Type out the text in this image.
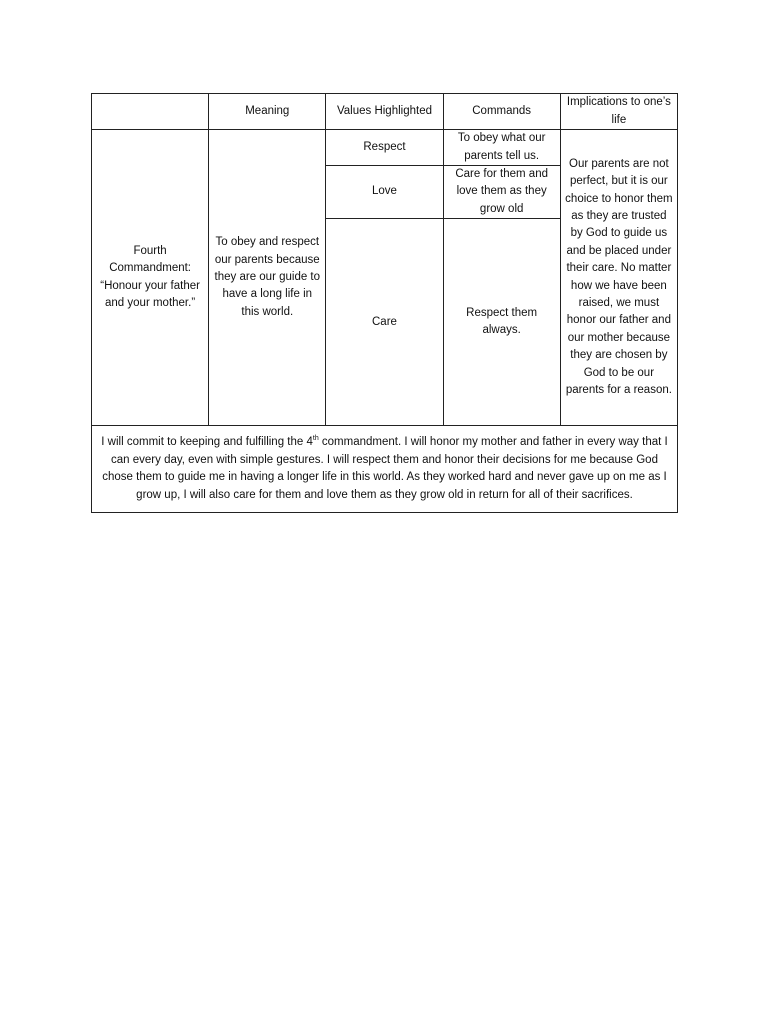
	Meaning	Values Highlighted	Commands	Implications to one’s life
Fourth Commandment: “Honour your father and your mother.”	To obey and respect our parents because they are our guide to have a long life in this world.	Respect	To obey what our parents tell us.	Our parents are not perfect, but it is our choice to honor them as they are trusted by God to guide us and be placed under their care. No matter how we have been raised, we must honor our father and our mother because they are chosen by God to be our parents for a reason.
		Love	Care for them and love them as they grow old	
		Care	Respect them always.	
I will commit to keeping and fulfilling the 4th commandment. I will honor my mother and father in every way that I can every day, even with simple gestures. I will respect them and honor their decisions for me because God chose them to guide me in having a longer life in this world. As they worked hard and never gave up on me as I grow up, I will also care for them and love them as they grow old in return for all of their sacrifices.				
